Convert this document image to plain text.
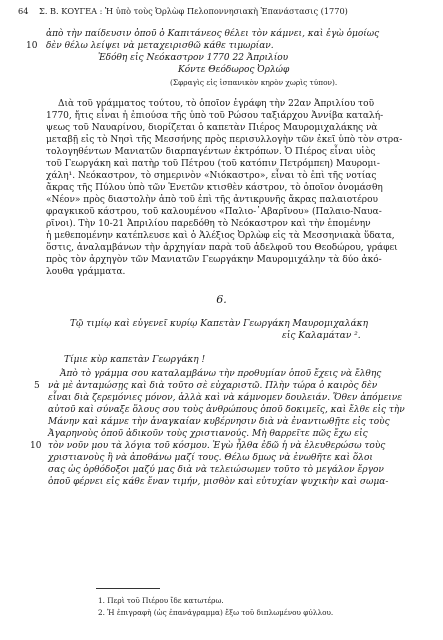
64 Σ. Β. ΚΟΥΓΕΑ : Ἡ ὑπὸ τοὺς Ὀρλὼφ Πελοποννησιακὴ Ἐπανάστασις (1770)
ἀπὸ τὴν παίδευσιν ὁποῦ ὁ Καπιτάνεος θέλει τὸν κάμνει, καὶ ἐγὼ ὁμοίως
10 δὲν θέλω λείψει νὰ μεταχειρισθῶ κάθε τιμωρίαν.
Ἐδόθη εἰς Νεόκαστρον 1770 22 Ἀπριλίου
Κόντε Θεόδωρος Ὀρλώφ
(Σφραγὶς εἰς ἱσπανικὸν κηρὸν χωρὶς τύπον).
Διὰ τοῦ γράμματος τούτου, τὸ ὁποῖον ἐγράφη τὴν 22αν Ἀπριλίου τοῦ
1770, ἤτις εἶναι ἡ ἐπιούσα τῆς ὑπὸ τοῦ Ρώσου ταξιάρχου Ἀννίβα καταλή-
ψεως τοῦ Ναυαρίνου, διορίζεται ὁ καπετὰν Πιέρος Μαυρομιχαλάκης νὰ
μεταβῇ εἰς τὸ Νησὶ τῆς Μεσσήνης πρὸς περισυλλογὴν τῶν ἐκεῖ ὑπὸ τὸν στρα-
τολογηθέντων Μανιατῶν διαρπαγέντων ἐκτρόπων. Ὁ Πιέρος εἶναι υἱὸς
τοῦ Γεωργάκη καὶ πατὴρ τοῦ Πέτρου (τοῦ κατόπιν Πετρόμπεη) Μαυρομι-
χάλη¹. Νεόκαστρον, τὸ σημερινὸν «Νιόκαστρο», εἶναι τὸ ἐπὶ τῆς νοτίας
ἄκρας τῆς Πύλου ὑπὸ τῶν Ἑνετῶν κτισθὲν κάστρον, τὸ ὁποῖον ὀνομάσθη
«Νέον» πρὸς διαστολὴν ἀπὸ τοῦ ἐπὶ τῆς ἀντικρυνῆς ἄκρας παλαιοτέρου
φραγκικοῦ κάστρου, τοῦ καλουμένου «Παλιο-᾿Αβαρῖνου» (Παλαιο-Ναυα-
ρῖνοι). Τὴν 10-21 Ἀπριλίου παρεδόθη τὸ Νεόκαστρον καὶ τὴν ἑπομένην
ἡ μεθεπομένην κατέπλευσε καὶ ὁ Ἀλέξιος Ὀρλὼφ εἰς τὰ Μεσσηνιακὰ ὕδατα,
ὅστις, ἀναλαμβάνων τὴν ἀρχηγίαν παρὰ τοῦ ἀδελφοῦ του Θεοδώρου, γράφει
πρὸς τὸν ἀρχηγὸν τῶν Μανιατῶν Γεωργάκην Μαυρομιχάλην τὰ δύο ἀκό-
λουθα γράμματα.
6.
Τῷ τιμίῳ καὶ εὐγενεῖ κυρίῳ Καπετὰν Γεωργάκη Μαυρομιχαλάκη
εἰς Καλαμάταν ².
Τίμιε κὺρ καπετὰν Γεωργάκη !
Ἀπὸ τὸ γράμμα σου καταλαμβάνω τὴν προθυμίαν ὁποῦ ἔχεις νὰ ἔλθης
5 νὰ μὲ ἀνταμώσῃς καὶ διὰ τοῦτο σὲ εὐχαριστῶ. Πλὴν τώρα ὁ καιρὸς δὲν
εἶναι διὰ ζερεμόνιες μόνον, ἀλλὰ καὶ νὰ κάμνομεν δουλειάν. Ὅθεν ἀπόμεινε
αὐτοῦ καὶ σύναξε ὅλους σου τοὺς ἀνθρώπους ὁποῦ δοκιμεῖς, καὶ ἔλθε εἰς τὴν
Μάνην καὶ κάμνε τὴν ἀναγκαίαν κυβέρνησιν διὰ νὰ ἐναντιωθῇτε εἰς τοὺς
Ἀγαρηνοὺς ὁποῦ ἀδικοῦν τοὺς χριστιανούς. Μὴ θαρρεῖτε πῶς ἔχω εἰς
10 τὸν νοῦν μου τὰ λόγια τοῦ κόσμου. Ἐγὼ ἦλθα ἐδῶ ἡ νὰ ἐλευθερώσω τοὺς
χριστιανοὺς ἢ νὰ ἀποθάνω μαζί τους. Θέλω δμως νὰ ἑνωθῆτε καὶ ὅλοι
σας ὡς ὀρθόδοξοι μαζύ μας διὰ νὰ τελειώσωμεν τοῦτο τὸ μεγάλον ἔργον
ὁποῦ φέρνει εἰς κάθε ἕναν τιμήν, μισθὸν καὶ εὐτυχίαν ψυχικὴν καὶ σωμα-
1. Περὶ τοῦ Πιέρου ἴδε κατωτέρω.
2. Ἡ ἐπιγραφὴ (ὡς ἐπανάγραμμα) ἔξω τοῦ διπλωμένου φύλλου.
